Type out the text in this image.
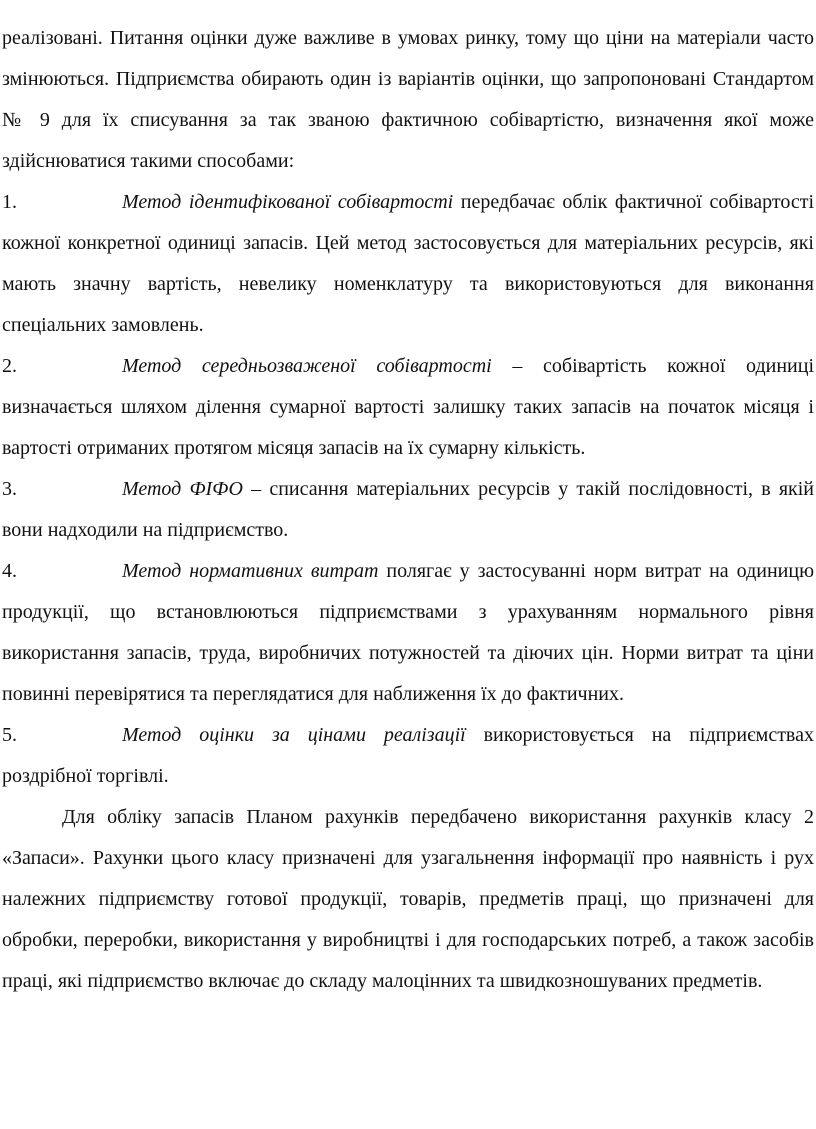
реалізовані. Питання оцінки дуже важливе в умовах ринку, тому що ціни на матеріали часто змінюються. Підприємства обирають один із варіантів оцінки, що запропоновані Стандартом № 9 для їх списування за так званою фактичною собівартістю, визначення якої може здійснюватися такими способами:

1.	Метод ідентифікованої собівартості передбачає облік фактичної собівартості кожної конкретної одиниці запасів. Цей метод застосовується для матеріальних ресурсів, які мають значну вартість, невелику номенклатуру та використовуються для виконання спеціальних замовлень.

2.	Метод середньозваженої собівартості – собівартість кожної одиниці визначається шляхом ділення сумарної вартості залишку таких запасів на початок місяця і вартості отриманих протягом місяця запасів на їх сумарну кількість.

3.	Метод ФІФО – списання матеріальних ресурсів у такій послідовності, в якій вони надходили на підприємство.

4.	Метод нормативних витрат полягає у застосуванні норм витрат на одиницю продукції, що встановлюються підприємствами з урахуванням нормального рівня використання запасів, труда, виробничих потужностей та діючих цін. Норми витрат та ціни повинні перевірятися та переглядатися для наближення їх до фактичних.

5.	Метод оцінки за цінами реалізації використовується на підприємствах роздрібної торгівлі.

Для обліку запасів Планом рахунків передбачено використання рахунків класу 2 «Запаси». Рахунки цього класу призначені для узагальнення інформації про наявність і рух належних підприємству готової продукції, товарів, предметів праці, що призначені для обробки, переробки, використання у виробництві і для господарських потреб, а також засобів праці, які підприємство включає до складу малоцінних та швидкозношуваних предметів.
